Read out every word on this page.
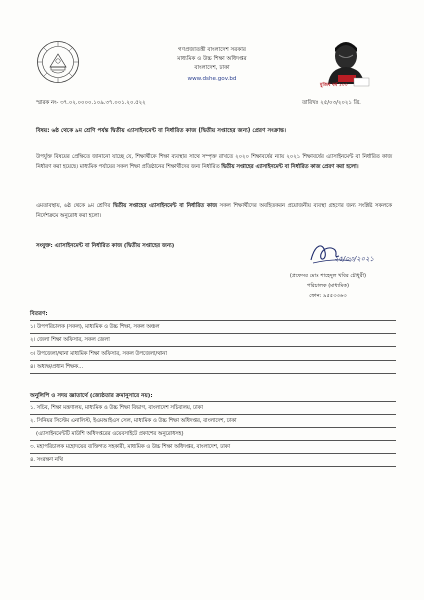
গণপ্রজাতন্ত্রী বাংলাদেশ সরকার
মাধ্যমিক ও উচ্চ শিক্ষা অধিদপ্তর
বাংলাদেশ, ঢাকা
www.dshe.gov.bd
মুজিব বর্ষ ১০০
স্মারক নং- ৩৭.০২.০০০০.১০৯.৩৭.০০১.২০.৫২২	তারিখঃ ২৫/০৩/২০২১ খ্রি.
বিষয়: ৬ষ্ঠ থেকে ৯ম শ্রেণি পর্যন্ত দ্বিতীয় এ্যাসাইনমেন্ট বা নির্ধারিত কাজ (দ্বিতীয় সপ্তাহের জন্য) প্রেরণ সংক্রান্ত।
উপর্যুক্ত বিষয়ের প্রেক্ষিতে জানানো যাচ্ছে যে, শিক্ষার্থীকে শিক্ষা ব্যবস্থার সাথে সম্পৃক্ত রাখতে ২০২০ শিক্ষাবর্ষের ন্যায় ২০২১ শিক্ষাবর্ষের এ্যাসাইনমেন্ট বা নির্ধারিত কাজ নির্ধারণ করা হয়েছে। মাধ্যমিক পর্যায়ের সকল শিক্ষা প্রতিষ্ঠানের শিক্ষার্থীদের জন্য নির্ধারিত দ্বিতীয় সপ্তাহের এ্যাসাইনমেন্ট বা নির্ধারিত কাজ প্রেরণ করা হলো।
এমতাবস্থায়, ৬ষ্ঠ থেকে ৯ম শ্রেণির দ্বিতীয় সপ্তাহের এ্যাসাইনমেন্ট বা নির্ধারিত কাজ সকল শিক্ষার্থীদের অবহিতকরন প্রয়োজনীয় ব্যবস্থা গ্রহণের জন্য সংশ্লিষ্ট সকলকে নির্দেশক্রমে অনুরোধ করা হলো।
সংযুক্ত: এ্যাসাইনমেন্ট বা নির্ধারিত কাজ (দ্বিতীয় সপ্তাহের জন্য)
২৫/০৩/২০২১
(প্রফেসর মোঃ শাহেদুল খবির চৌধুরী)
পরিচালক (মাধ্যমিক)
ফোন: ৯৫৫৩৩৬৩
বিতরণ:
১। উপপরিচালক (সকল), মাধ্যমিক ও উচ্চ শিক্ষা, সকল অঞ্চল
২। জেলা শিক্ষা অফিসার, সকল জেলা
৩। উপজেলা/থানা মাধ্যমিক শিক্ষা অফিসার, সকল উপজেলা/থানা
৪। অধ্যক্ষ/প্রধান শিক্ষক...
অনুলিপি ও সদয় জ্ঞাতার্থে (জ্যেষ্ঠতার ক্রমানুসারে নয়):
১. সচিব, শিক্ষা মন্ত্রণালয়, মাধ্যমিক ও উচ্চ শিক্ষা বিভাগ, বাংলাদেশ সচিবালয়, ঢাকা
২. সিনিয়র সিস্টেম এনালিস্ট, ইএমআইএস সেল, মাধ্যমিক ও উচ্চ শিক্ষা অধিদপ্তর, বাংলাদেশ, ঢাকা
(এ্যাসাইনমেন্টটি মাউশি অধিদপ্তরের ওয়েবসাইটে প্রকাশের অনুরোধসহ)
৩. মহাপরিচালক মহোদয়ের ব্যক্তিগত সহকারী, মাধ্যমিক ও উচ্চ শিক্ষা অধিদপ্তর, বাংলাদেশ, ঢাকা
৪. সংরক্ষণ নথি
